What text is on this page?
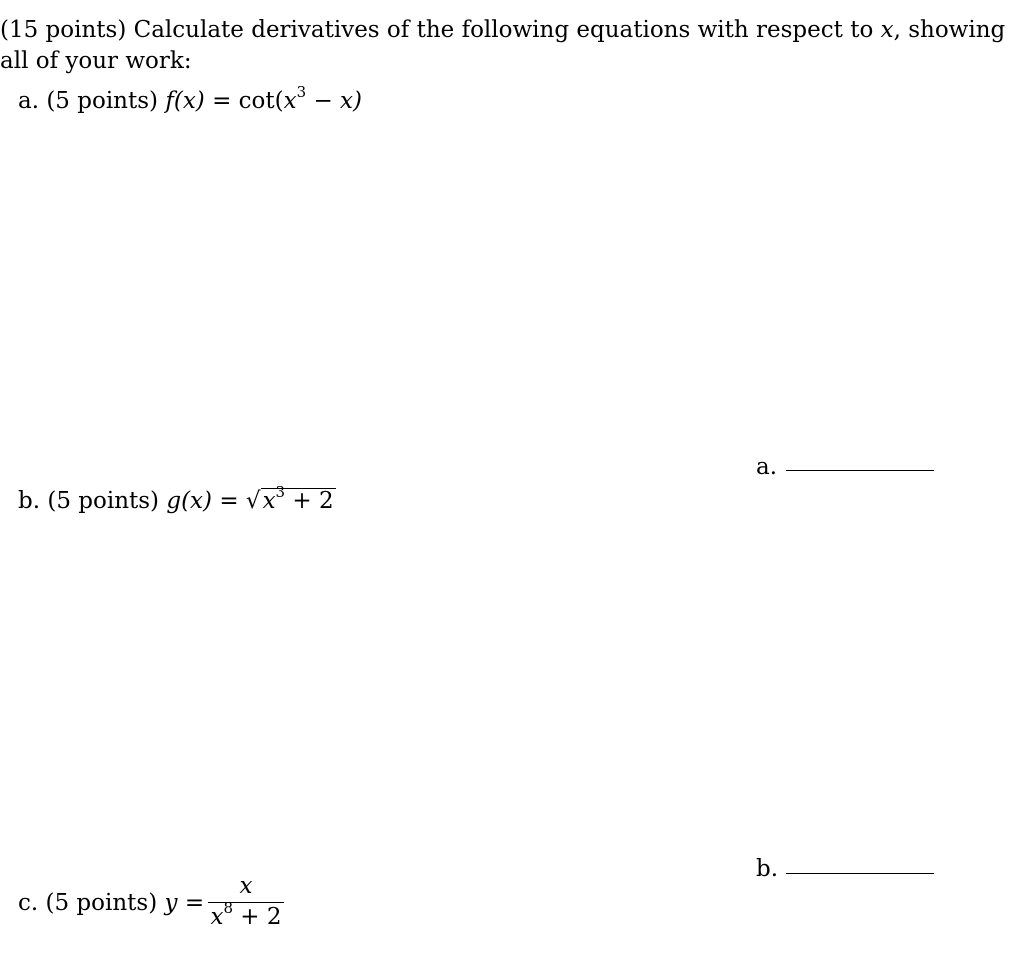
(15 points) Calculate derivatives of the following equations with respect to x, showing
all of your work:
a. (5 points) $f(x) = \cot(x^3 - x)$
a.
b. (5 points) $g(x) = √x^3 + 2$
b.
c. (5 points) y =
x
$x^8 + 2$
